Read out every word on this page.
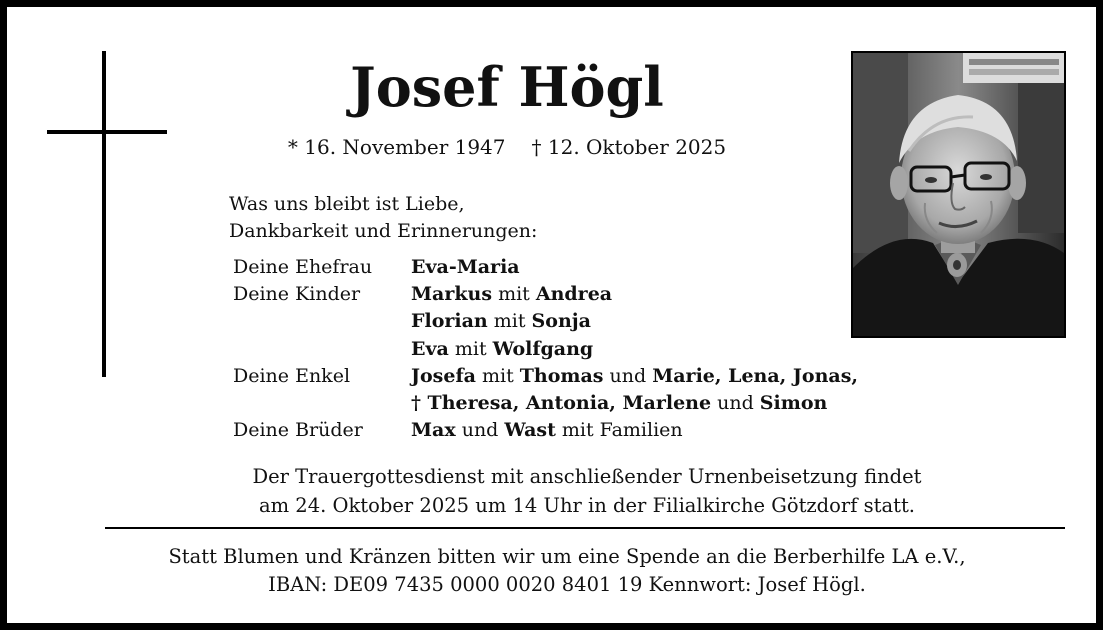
Josef Högl
* 16. November 1947 † 12. Oktober 2025
Was uns bleibt ist Liebe,
Dankbarkeit und Erinnerungen:
Deine Ehefrau	Eva-Maria
Deine Kinder	Markus mit Andrea
	Florian mit Sonja
	Eva mit Wolfgang
Deine Enkel	Josefa mit Thomas und Marie, Lena, Jonas,
	† Theresa, Antonia, Marlene und Simon
Deine Brüder	Max und Wast mit Familien
Der Trauergottesdienst mit anschließender Urnenbeisetzung findet
am 24. Oktober 2025 um 14 Uhr in der Filialkirche Götzdorf statt.
Statt Blumen und Kränzen bitten wir um eine Spende an die Berberhilfe LA e.V.,
IBAN: DE09 7435 0000 0020 8401 19 Kennwort: Josef Högl.
